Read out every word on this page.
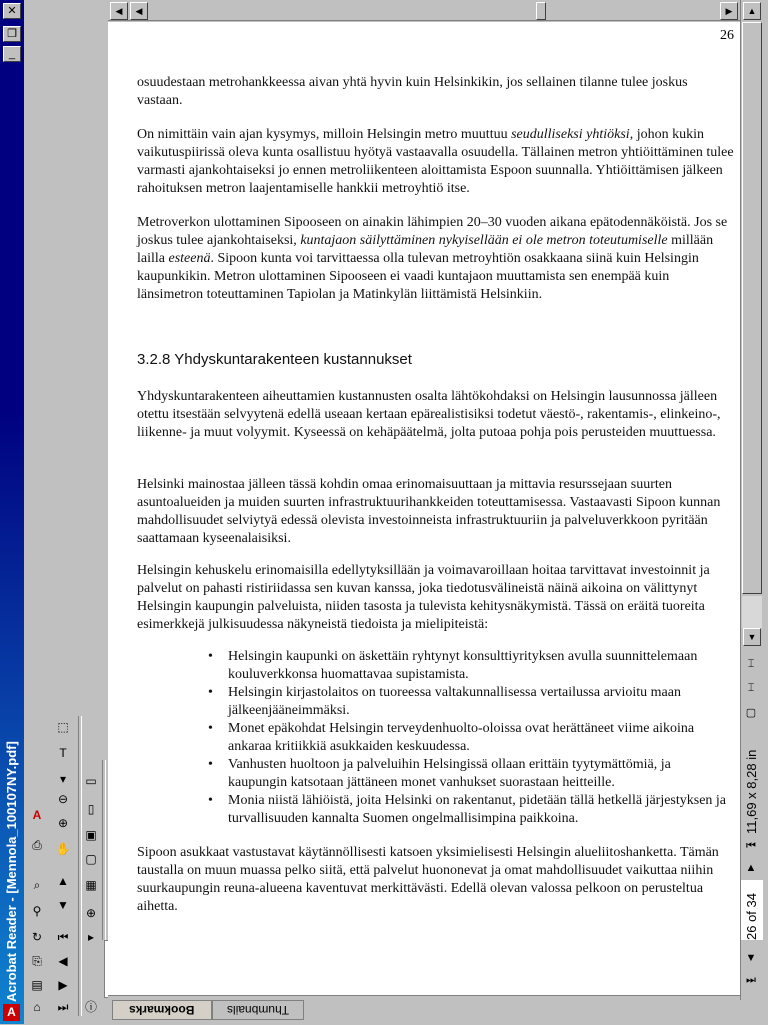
✕
❐
_
Acrobat Reader - [Mennola_100107NY.pdf]
A
⬚
T
▾
⊖
⊕
✋
▲
▼
⏮
◀
▶
⏭
A
⎙
⌕
⚲
↻
⎘
▤
⌂
▭
▯
▣
▢
▦
⊕
▸
ⓘ
◀	◀	▶
26

osuudestaan metrohankkeessa aivan yhtä hyvin kuin Helsinkikin, jos sellainen tilanne tulee joskus vastaan.

On nimittäin vain ajan kysymys, milloin Helsingin metro muuttuu seudulliseksi yhtiöksi, johon kukin vaikutuspiirissä oleva kunta osallistuu hyötyä vastaavalla osuudella. Tällainen metron yhtiöittäminen tulee varmasti ajankohtaiseksi jo ennen metroliikenteen aloittamista Espoon suunnalla. Yhtiöittämisen jälkeen rahoituksen metron laajentamiselle hankkii metroyhtiö itse.

Metroverkon ulottaminen Sipooseen on ainakin lähimpien 20–30 vuoden aikana epätodennäköistä. Jos se joskus tulee ajankohtaiseksi, kuntajaon säilyttäminen nykyisellään ei ole metron toteutumiselle millään lailla esteenä. Sipoon kunta voi tarvittaessa olla tulevan metroyhtiön osakkaana siinä kuin Helsingin kaupunkikin. Metron ulottaminen Sipooseen ei vaadi kuntajaon muuttamista sen enempää kuin länsimetron toteuttaminen Tapiolan ja Matinkylän liittämistä Helsinkiin.

3.2.8 Yhdyskuntarakenteen kustannukset

Yhdyskuntarakenteen aiheuttamien kustannusten osalta lähtökohdaksi on Helsingin lausunnossa jälleen otettu itsestään selvyytenä edellä useaan kertaan epärealistisiksi todetut väestö-, rakentamis-, elinkeino-, liikenne- ja muut volyymit. Kyseessä on kehäpäätelmä, jolta putoaa pohja pois perusteiden muuttuessa.

Helsinki mainostaa jälleen tässä kohdin omaa erinomaisuuttaan ja mittavia resurssejaan suurten asuntoalueiden ja muiden suurten infrastruktuurihankkeiden toteuttamisessa. Vastaavasti Sipoon kunnan mahdollisuudet selviytyä edessä olevista investoinneista infrastruktuuriin ja palveluverkkoon pyritään saattamaan kyseenalaisiksi.

Helsingin kehuskelu erinomaisilla edellytyksillään ja voimavaroillaan hoitaa tarvittavat investoinnit ja palvelut on pahasti ristiriidassa sen kuvan kanssa, joka tiedotusvälineistä näinä aikoina on välittynyt Helsingin kaupungin palveluista, niiden tasosta ja tulevista kehitysnäkymistä. Tässä on eräitä tuoreita esimerkkejä julkisuudessa näkyneistä tiedoista ja mielipiteistä:

• Helsingin kaupunki on äskettäin ryhtynyt konsulttiyrityksen avulla suunnittelemaan kouluverkkonsa huomattavaa supistamista.
• Helsingin kirjastolaitos on tuoreessa valtakunnallisessa vertailussa arvioitu maan jälkeenjääneimmäksi.
• Monet epäkohdat Helsingin terveydenhuolto-oloissa ovat herättäneet viime aikoina ankaraa kritiikkiä asukkaiden keskuudessa.
• Vanhusten huoltoon ja palveluihin Helsingissä ollaan erittäin tyytymättömiä, ja kaupungin katsotaan jättäneen monet vanhukset suorastaan heitteille.
• Monia niistä lähiöistä, joita Helsinki on rakentanut, pidetään tällä hetkellä järjestyksen ja turvallisuuden kannalta Suomen ongelmallisimpina paikkoina.

Sipoon asukkaat vastustavat käytännöllisesti katsoen yksimielisesti Helsingin alueliitoshanketta. Tämän taustalla on muun muassa pelko siitä, että palvelut huononevat ja omat mahdollisuudet vaikuttaa niihin suurkaupungin reuna-alueena kaventuvat merkittävästi. Edellä olevan valossa pelkoon on perusteltua aihetta.

▲
▼
⌶
⌶
▢
11,69 x 8,28 in
⏮
▲
26 of 34
▼
⏭
Bookmarks	Thumbnails
